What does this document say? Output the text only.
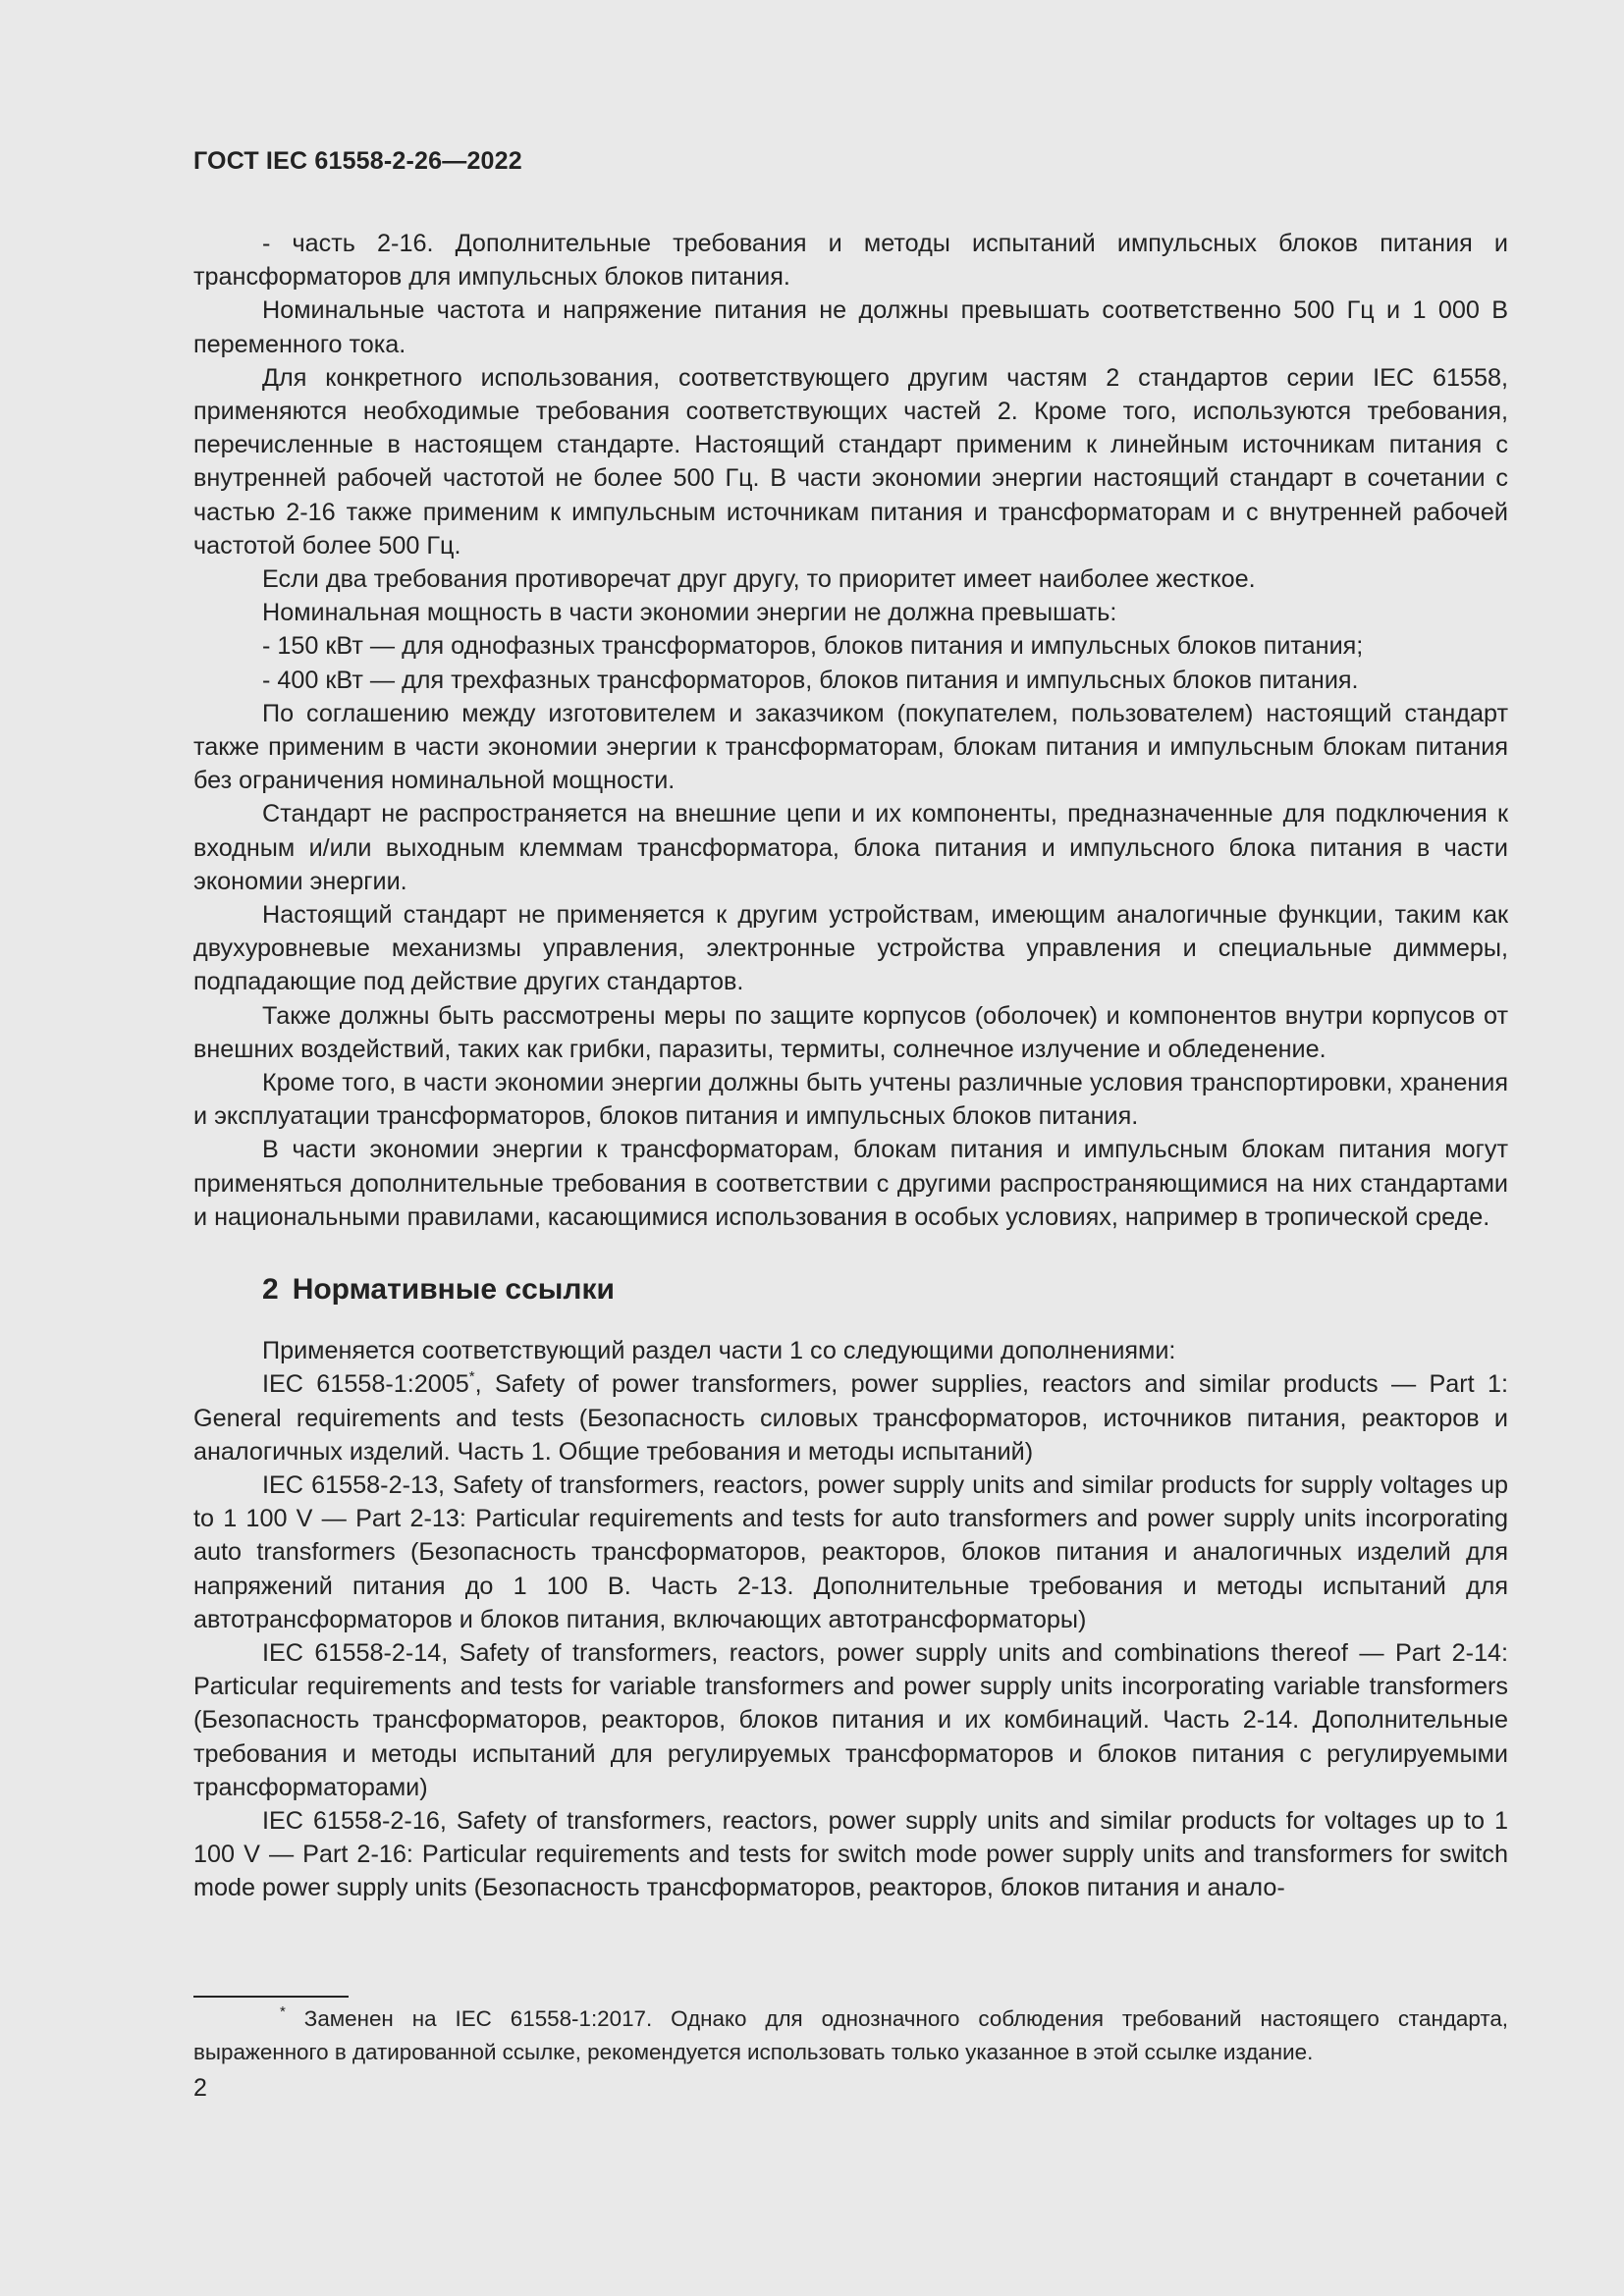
ГОСТ IEC 61558-2-26—2022

- часть 2-16. Дополнительные требования и методы испытаний импульсных блоков питания и трансформаторов для импульсных блоков питания.

Номинальные частота и напряжение питания не должны превышать соответственно 500 Гц и 1 000 В переменного тока.

Для конкретного использования, соответствующего другим частям 2 стандартов серии IEC 61558, применяются необходимые требования соответствующих частей 2. Кроме того, используются требования, перечисленные в настоящем стандарте. Настоящий стандарт применим к линейным источникам питания с внутренней рабочей частотой не более 500 Гц. В части экономии энергии настоящий стандарт в сочетании с частью 2-16 также применим к импульсным источникам питания и трансформаторам и с внутренней рабочей частотой более 500 Гц.

Если два требования противоречат друг другу, то приоритет имеет наиболее жесткое.

Номинальная мощность в части экономии энергии не должна превышать:

- 150 кВт — для однофазных трансформаторов, блоков питания и импульсных блоков питания;

- 400 кВт — для трехфазных трансформаторов, блоков питания и импульсных блоков питания.

По соглашению между изготовителем и заказчиком (покупателем, пользователем) настоящий стандарт также применим в части экономии энергии к трансформаторам, блокам питания и импульсным блокам питания без ограничения номинальной мощности.

Стандарт не распространяется на внешние цепи и их компоненты, предназначенные для подключения к входным и/или выходным клеммам трансформатора, блока питания и импульсного блока питания в части экономии энергии.

Настоящий стандарт не применяется к другим устройствам, имеющим аналогичные функции, таким как двухуровневые механизмы управления, электронные устройства управления и специальные диммеры, подпадающие под действие других стандартов.

Также должны быть рассмотрены меры по защите корпусов (оболочек) и компонентов внутри корпусов от внешних воздействий, таких как грибки, паразиты, термиты, солнечное излучение и обледенение.

Кроме того, в части экономии энергии должны быть учтены различные условия транспортировки, хранения и эксплуатации трансформаторов, блоков питания и импульсных блоков питания.

В части экономии энергии к трансформаторам, блокам питания и импульсным блокам питания могут применяться дополнительные требования в соответствии с другими распространяющимися на них стандартами и национальными правилами, касающимися использования в особых условиях, например в тропической среде.

2 Нормативные ссылки

Применяется соответствующий раздел части 1 со следующими дополнениями:

IEC 61558-1:2005*, Safety of power transformers, power supplies, reactors and similar products — Part 1: General requirements and tests (Безопасность силовых трансформаторов, источников питания, реакторов и аналогичных изделий. Часть 1. Общие требования и методы испытаний)

IEC 61558-2-13, Safety of transformers, reactors, power supply units and similar products for supply voltages up to 1 100 V — Part 2-13: Particular requirements and tests for auto transformers and power supply units incorporating auto transformers (Безопасность трансформаторов, реакторов, блоков питания и аналогичных изделий для напряжений питания до 1 100 В. Часть 2-13. Дополнительные требования и методы испытаний для автотрансформаторов и блоков питания, включающих автотрансформаторы)

IEC 61558-2-14, Safety of transformers, reactors, power supply units and combinations thereof — Part 2-14: Particular requirements and tests for variable transformers and power supply units incorporating variable transformers (Безопасность трансформаторов, реакторов, блоков питания и их комбинаций. Часть 2-14. Дополнительные требования и методы испытаний для регулируемых трансформаторов и блоков питания с регулируемыми трансформаторами)

IEC 61558-2-16, Safety of transformers, reactors, power supply units and similar products for voltages up to 1 100 V — Part 2-16: Particular requirements and tests for switch mode power supply units and transformers for switch mode power supply units (Безопасность трансформаторов, реакторов, блоков питания и анало-

* Заменен на IEC 61558-1:2017. Однако для однозначного соблюдения требований настоящего стандарта, выраженного в датированной ссылке, рекомендуется использовать только указанное в этой ссылке издание.

2
